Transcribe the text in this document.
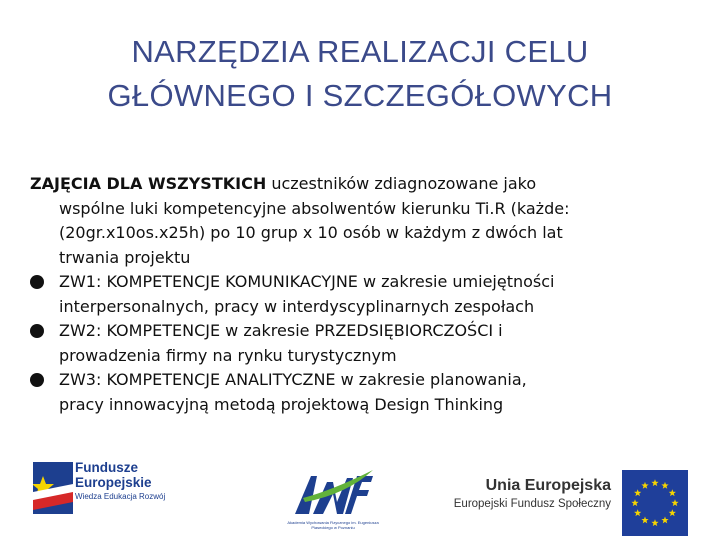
NARZĘDZIA REALIZACJI CELU
GŁÓWNEGO I SZCZEGÓŁOWYCH
ZAJĘCIA DLA WSZYSTKICH uczestników zdiagnozowane jako
wspólne luki kompetencyjne absolwentów kierunku Ti.R (każde:
(20gr.x10os.x25h) po 10 grup x 10 osób w każdym z dwóch lat
trwania projektu
ZW1: KOMPETENCJE KOMUNIKACYJNE w zakresie umiejętności
interpersonalnych, pracy w interdyscyplinarnych zespołach
ZW2: KOMPETENCJE w zakresie PRZEDSIĘBIORCZOŚCI i
prowadzenia firmy na rynku turystycznym
ZW3: KOMPETENCJE ANALITYCZNE w zakresie planowania,
pracy innowacyjną metodą projektową Design Thinking
Fundusze
Europejskie
Wiedza Edukacja Rozwój
Akademia Wychowania Fizycznego im. Eugeniusza Piaseckiego w Poznaniu
Unia Europejska
Europejski Fundusz Społeczny
